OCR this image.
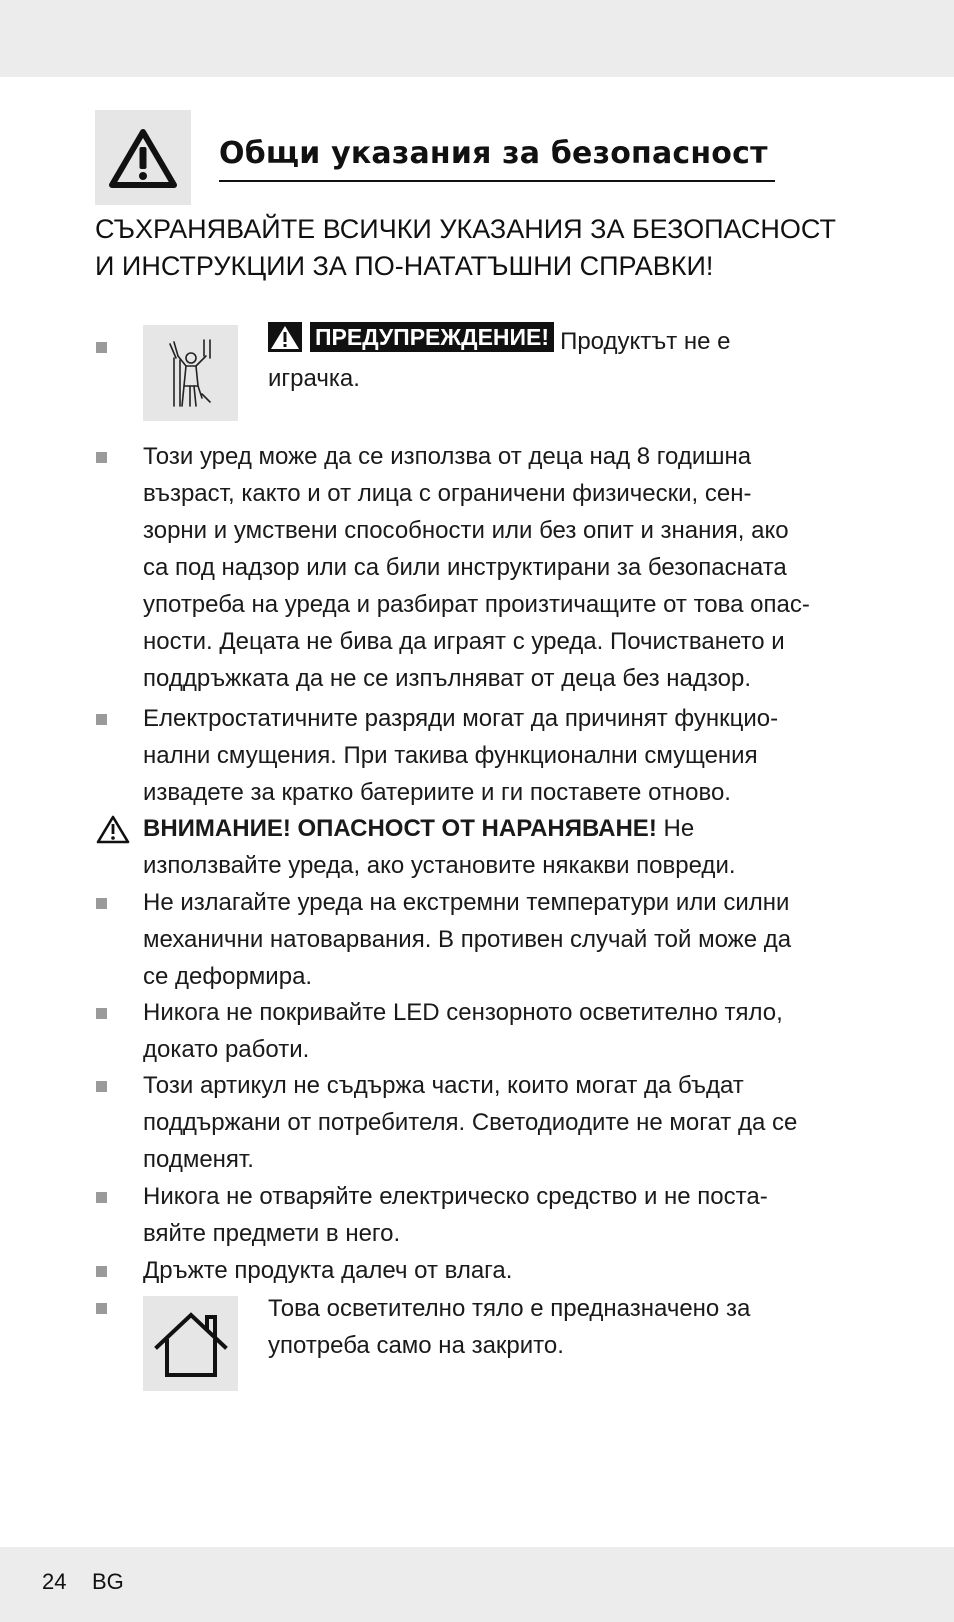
Общи указания за безопасност
СЪХРАНЯВАЙТЕ ВСИЧКИ УКАЗАНИЯ ЗА БЕЗОПАСНОСТ
И ИНСТРУКЦИИ ЗА ПО-НАТАТЪШНИ СПРАВКИ!
ПРЕДУПРЕЖДЕНИЕ! Продуктът не е
играчка.
Този уред може да се използва от деца над 8 годишна
възраст, както и от лица с ограничени физически, сен-
зорни и умствени способности или без опит и знания, ако
са под надзор или са били инструктирани за безопасната
употреба на уреда и разбират произтичащите от това опас-
ности. Децата не бива да играят с уреда. Почистването и
поддръжката да не се изпълняват от деца без надзор.
Електростатичните разряди могат да причинят функцио-
нални смущения. При такива функционални смущения
извадете за кратко батериите и ги поставете отново.
ВНИМАНИЕ! ОПАСНОСТ ОТ НАРАНЯВАНЕ! Не
използвайте уреда, ако установите някакви повреди.
Не излагайте уреда на екстремни температури или силни
механични натоварвания. В противен случай той може да
се деформира.
Никога не покривайте LED сензорното осветително тяло,
докато работи.
Този артикул не съдържа части, които могат да бъдат
поддържани от потребителя. Светодиодите не могат да се
подменят.
Никога не отваряйте електрическо средство и не поста-
вяйте предмети в него.
Дръжте продукта далеч от влага.
Това осветително тяло е предназначено за
употреба само на закрито.
24 BG
